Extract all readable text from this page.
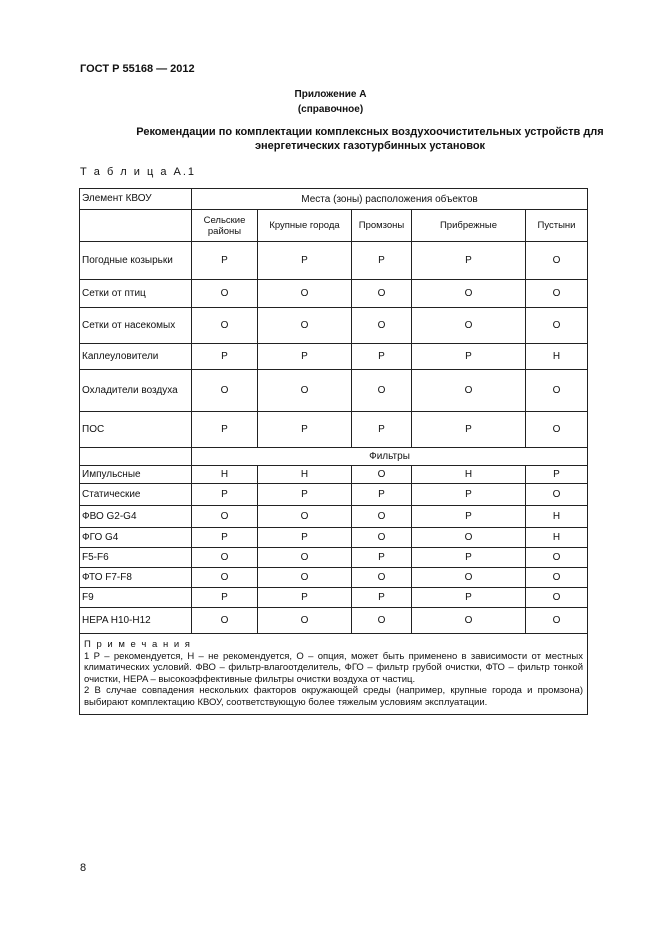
ГОСТ Р 55168 — 2012
Приложение А
(справочное)
Рекомендации по комплектации комплексных воздухоочистительных устройств для энергетических газотурбинных установок
Т а б л и ц а А.1
Элемент КВОУ	Места (зоны) расположения объектов				
	Сельские районы	Крупные города	Промзоны	Прибрежные	Пустыни
Погодные козырьки	Р	Р	Р	Р	О
Сетки от птиц	О	О	О	О	О
Сетки от насекомых	О	О	О	О	О
Каплеуловители	Р	Р	Р	Р	Н
Охладители воздуха	О	О	О	О	О
ПОС	Р	Р	Р	Р	О
	Фильтры				
Импульсные	Н	Н	О	Н	Р
Статические	Р	Р	Р	Р	О
ФВО G2-G4	О	О	О	Р	Н
ФГО G4	Р	Р	О	О	Н
F5-F6	О	О	Р	Р	О
ФТО F7-F8	О	О	О	О	О
F9	Р	Р	Р	Р	О
HEPA H10-H12	О	О	О	О	О

П р и м е ч а н и я
1 Р – рекомендуется, Н – не рекомендуется, О – опция, может быть применено в зависимости от местных климатических условий. ФВО – фильтр-влагоотделитель, ФГО – фильтр грубой очистки, ФТО – фильтр тонкой очистки, HEPA – высокоэффективные фильтры очистки воздуха от частиц.
2 В случае совпадения нескольких факторов окружающей среды (например, крупные города и промзона) выбирают комплектацию КВОУ, соответствующую более тяжелым условиям эксплуатации.					
8
